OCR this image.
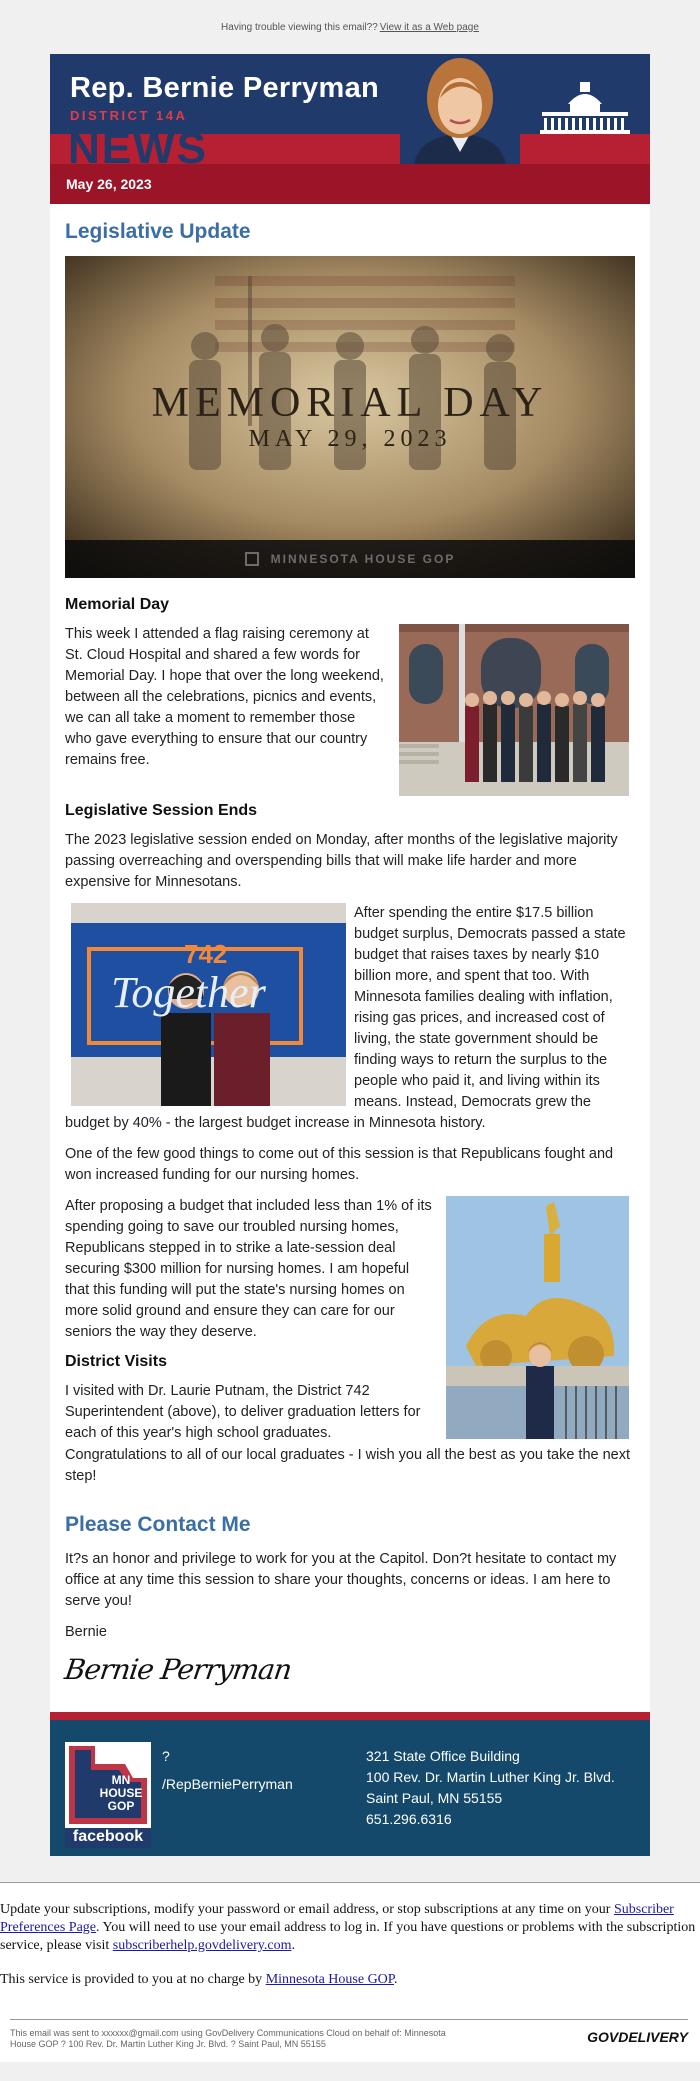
Having trouble viewing this email?? View it as a Web page
Rep. Bernie Perryman
DISTRICT 14A
NEWS
May 26, 2023
Legislative Update
MEMORIAL DAY
MAY 29, 2023
MINNESOTA HOUSE GOP
Memorial Day

This week I attended a flag raising ceremony at St. Cloud Hospital and shared a few words for Memorial Day. I hope that over the long weekend, between all the celebrations, picnics and events, we can all take a moment to remember those who gave everything to ensure that our country remains free.

Legislative Session Ends

The 2023 legislative session ended on Monday, after months of the legislative majority passing overreaching and overspending bills that will make life harder and more expensive for Minnesotans.

742
Together

After spending the entire $17.5 billion budget surplus, Democrats passed a state budget that raises taxes by nearly $10 billion more, and spent that too. With Minnesota families dealing with inflation, rising gas prices, and increased cost of living, the state government should be finding ways to return the surplus to the people who paid it, and living within its means. Instead, Democrats grew the budget by 40% - the largest budget increase in Minnesota history.

One of the few good things to come out of this session is that Republicans fought and won increased funding for our nursing homes.

After proposing a budget that included less than 1% of its spending going to save our troubled nursing homes, Republicans stepped in to strike a late-session deal securing $300 million for nursing homes. I am hopeful that this funding will put the state's nursing homes on more solid ground and ensure they can care for our seniors the way they deserve.

District Visits

I visited with Dr. Laurie Putnam, the District 742 Superintendent (above), to deliver graduation letters for each of this year's high school graduates.

Congratulations to all of our local graduates - I wish you all the best as you take the next step!

Please Contact Me

It?s an honor and privilege to work for you at the Capitol. Don?t hesitate to contact my office at any time this session to share your thoughts, concerns or ideas. I am here to serve you!

Bernie

Bernie Perryman
MN HOUSE GOP
facebook
?
/RepBerniePerryman
321 State Office Building
100 Rev. Dr. Martin Luther King Jr. Blvd.
Saint Paul, MN 55155
651.296.6316

Update your subscriptions, modify your password or email address, or stop subscriptions at any time on your Subscriber Preferences Page. You will need to use your email address to log in. If you have questions or problems with the subscription service, please visit subscriberhelp.govdelivery.com.

This service is provided to you at no charge by Minnesota House GOP.

This email was sent to xxxxxx@gmail.com using GovDelivery Communications Cloud on behalf of: Minnesota House GOP ? 100 Rev. Dr. Martin Luther King Jr. Blvd. ? Saint Paul, MN 55155	GOVDELIVERY
